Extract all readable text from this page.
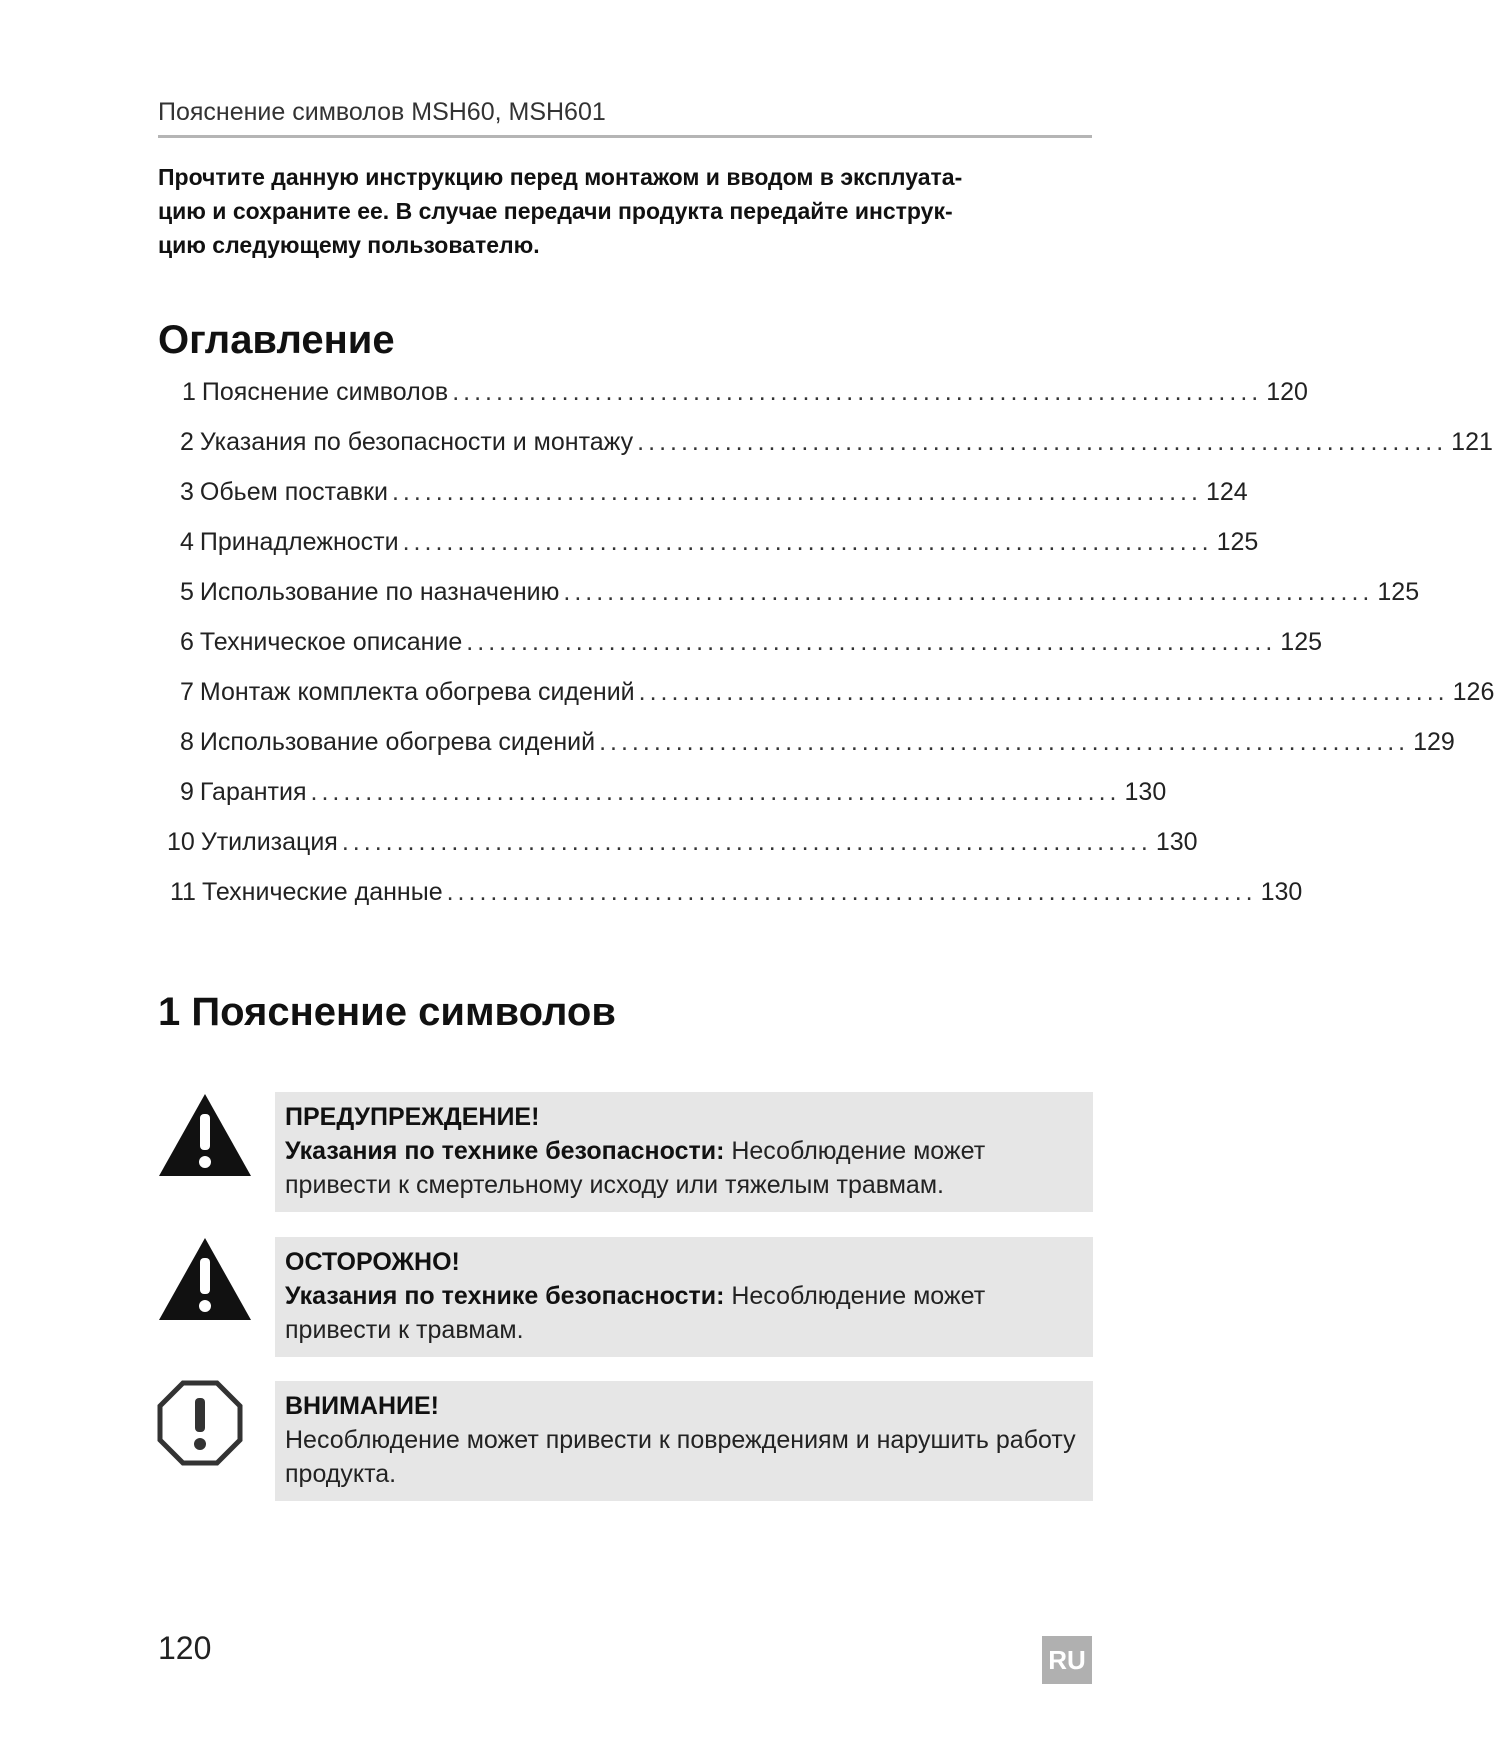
Пояснение символов MSH60, MSH601
Прочтите данную инструкцию перед монтажом и вводом в эксплуата-
цию и сохраните ее. В случае передачи продукта передайте инструк-
цию следующему пользователю.
Оглавление
1 Пояснение символов .......................................................................... 120
2 Указания по безопасности и монтажу .......................................................................... 121
3 Обьем поставки .......................................................................... 124
4 Принадлежности .......................................................................... 125
5 Использование по назначению .......................................................................... 125
6 Техническое описание .......................................................................... 125
7 Монтаж комплекта обогрева сидений .......................................................................... 126
8 Использование обогрева сидений .......................................................................... 129
9 Гарантия .......................................................................... 130
10 Утилизация .......................................................................... 130
11 Технические данные .......................................................................... 130
1 Пояснение символов
ПРЕДУПРЕЖДЕНИЕ!
Указания по технике безопасности: Несоблюдение может
привести к смертельному исходу или тяжелым травмам.
ОСТОРОЖНО!
Указания по технике безопасности: Несоблюдение может
привести к травмам.
ВНИМАНИЕ!
Несоблюдение может привести к повреждениям и нарушить работу
продукта.
120	RU
